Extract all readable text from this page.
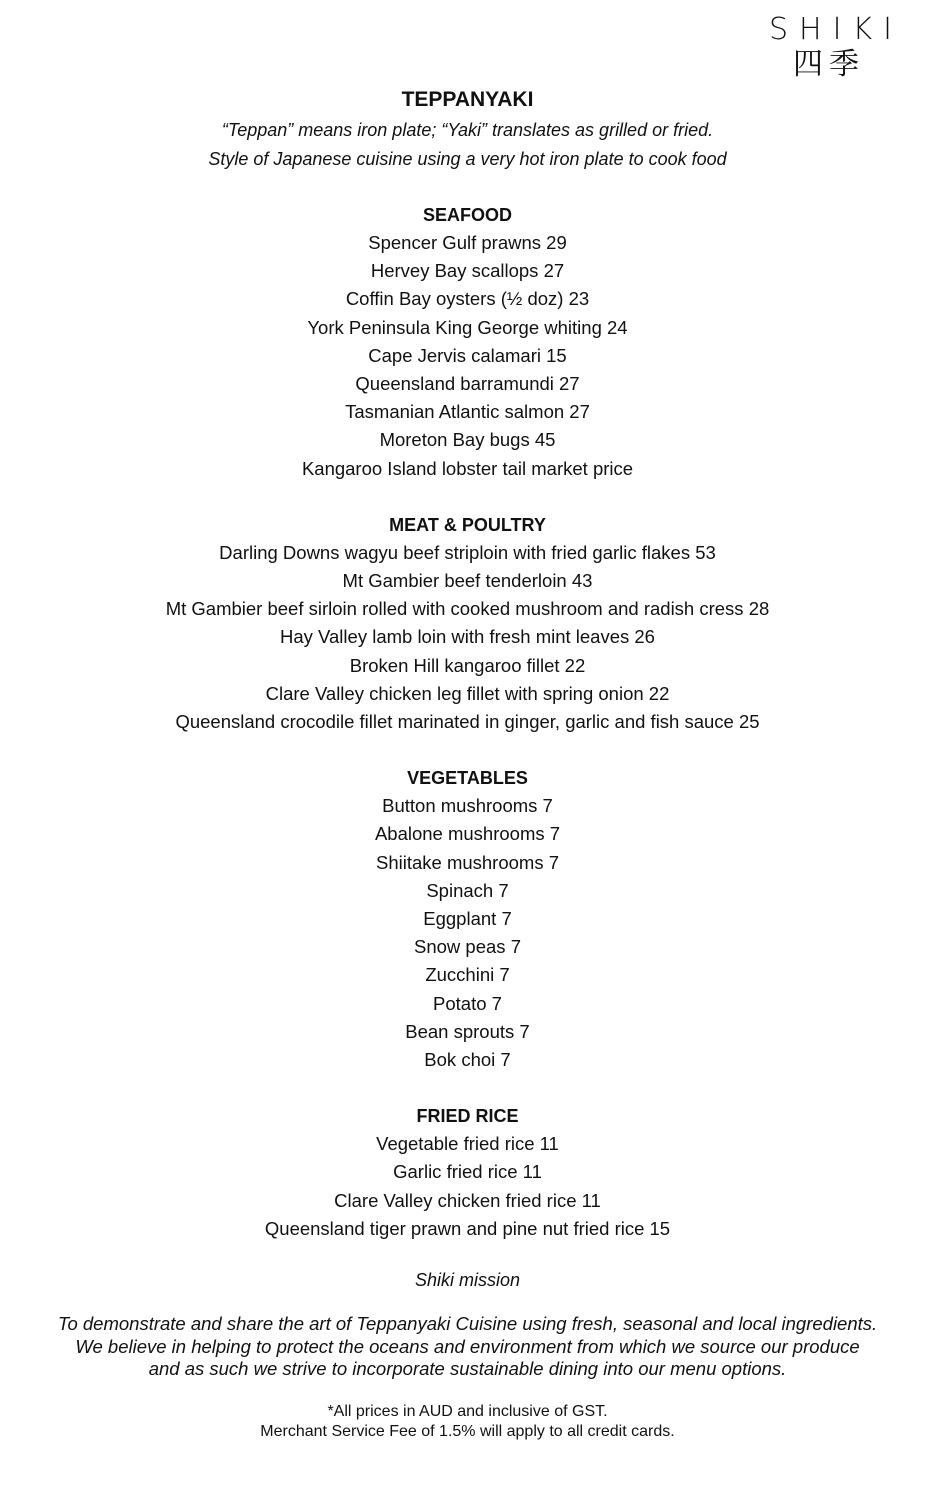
SHIKI
四季
TEPPANYAKI
“Teppan” means iron plate; “Yaki” translates as grilled or fried.
Style of Japanese cuisine using a very hot iron plate to cook food
SEAFOOD
Spencer Gulf prawns 29
Hervey Bay scallops 27
Coffin Bay oysters (½ doz) 23
York Peninsula King George whiting 24
Cape Jervis calamari 15
Queensland barramundi 27
Tasmanian Atlantic salmon 27
Moreton Bay bugs 45
Kangaroo Island lobster tail market price
MEAT & POULTRY
Darling Downs wagyu beef striploin with fried garlic flakes 53
Mt Gambier beef tenderloin 43
Mt Gambier beef sirloin rolled with cooked mushroom and radish cress 28
Hay Valley lamb loin with fresh mint leaves 26
Broken Hill kangaroo fillet 22
Clare Valley chicken leg fillet with spring onion 22
Queensland crocodile fillet marinated in ginger, garlic and fish sauce 25
VEGETABLES
Button mushrooms 7
Abalone mushrooms 7
Shiitake mushrooms 7
Spinach 7
Eggplant 7
Snow peas 7
Zucchini 7
Potato 7
Bean sprouts 7
Bok choi 7
FRIED RICE
Vegetable fried rice 11
Garlic fried rice 11
Clare Valley chicken fried rice 11
Queensland tiger prawn and pine nut fried rice 15
Shiki mission
To demonstrate and share the art of Teppanyaki Cuisine using fresh, seasonal and local ingredients. We believe in helping to protect the oceans and environment from which we source our produce and as such we strive to incorporate sustainable dining into our menu options.
*All prices in AUD and inclusive of GST.
Merchant Service Fee of 1.5% will apply to all credit cards.
